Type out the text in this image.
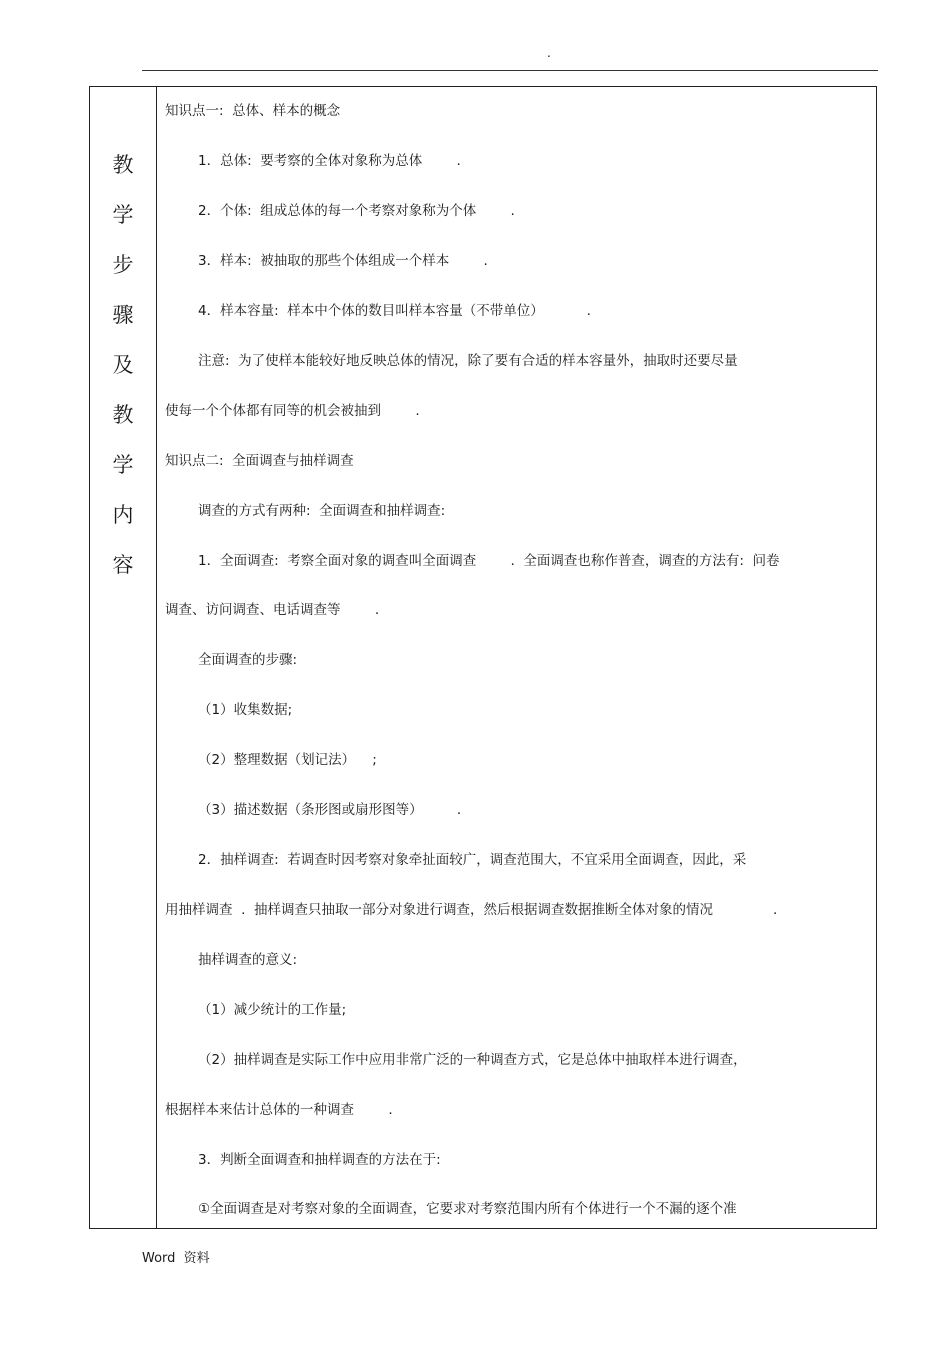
.
教
学
步
骤
及
教
学
内
容
知识点一:  总体、样本的概念
1．总体:  要考察的全体对象称为总体        .
2．个体:  组成总体的每一个考察对象称为个体        .
3．样本:  被抽取的那些个体组成一个样本        .
4．样本容量:  样本中个体的数目叫样本容量（不带单位）          .
注意:  为了使样本能较好地反映总体的情况，除了要有合适的样本容量外，抽取时还要尽量
使每一个个体都有同等的机会被抽到        .
知识点二:  全面调查与抽样调查
调查的方式有两种:  全面调查和抽样调查:
1．全面调查:  考察全面对象的调查叫全面调查        .  全面调查也称作普查，调查的方法有:  问卷
调查、访问调查、电话调查等        .
全面调查的步骤:
（1）收集数据;
（2）整理数据（划记法）    ;
（3）描述数据（条形图或扇形图等）        .
2．抽样调查:  若调查时因考察对象牵扯面较广，调查范围大，不宜采用全面调查，因此，采
用抽样调查  .  抽样调查只抽取一部分对象进行调查，然后根据调查数据推断全体对象的情况              .
抽样调查的意义:
（1）减少统计的工作量;
（2）抽样调查是实际工作中应用非常广泛的一种调查方式，它是总体中抽取样本进行调查，
根据样本来估计总体的一种调查        .
3．判断全面调查和抽样调查的方法在于:
①全面调查是对考察对象的全面调查，它要求对考察范围内所有个体进行一个不漏的逐个准
Word  资料
